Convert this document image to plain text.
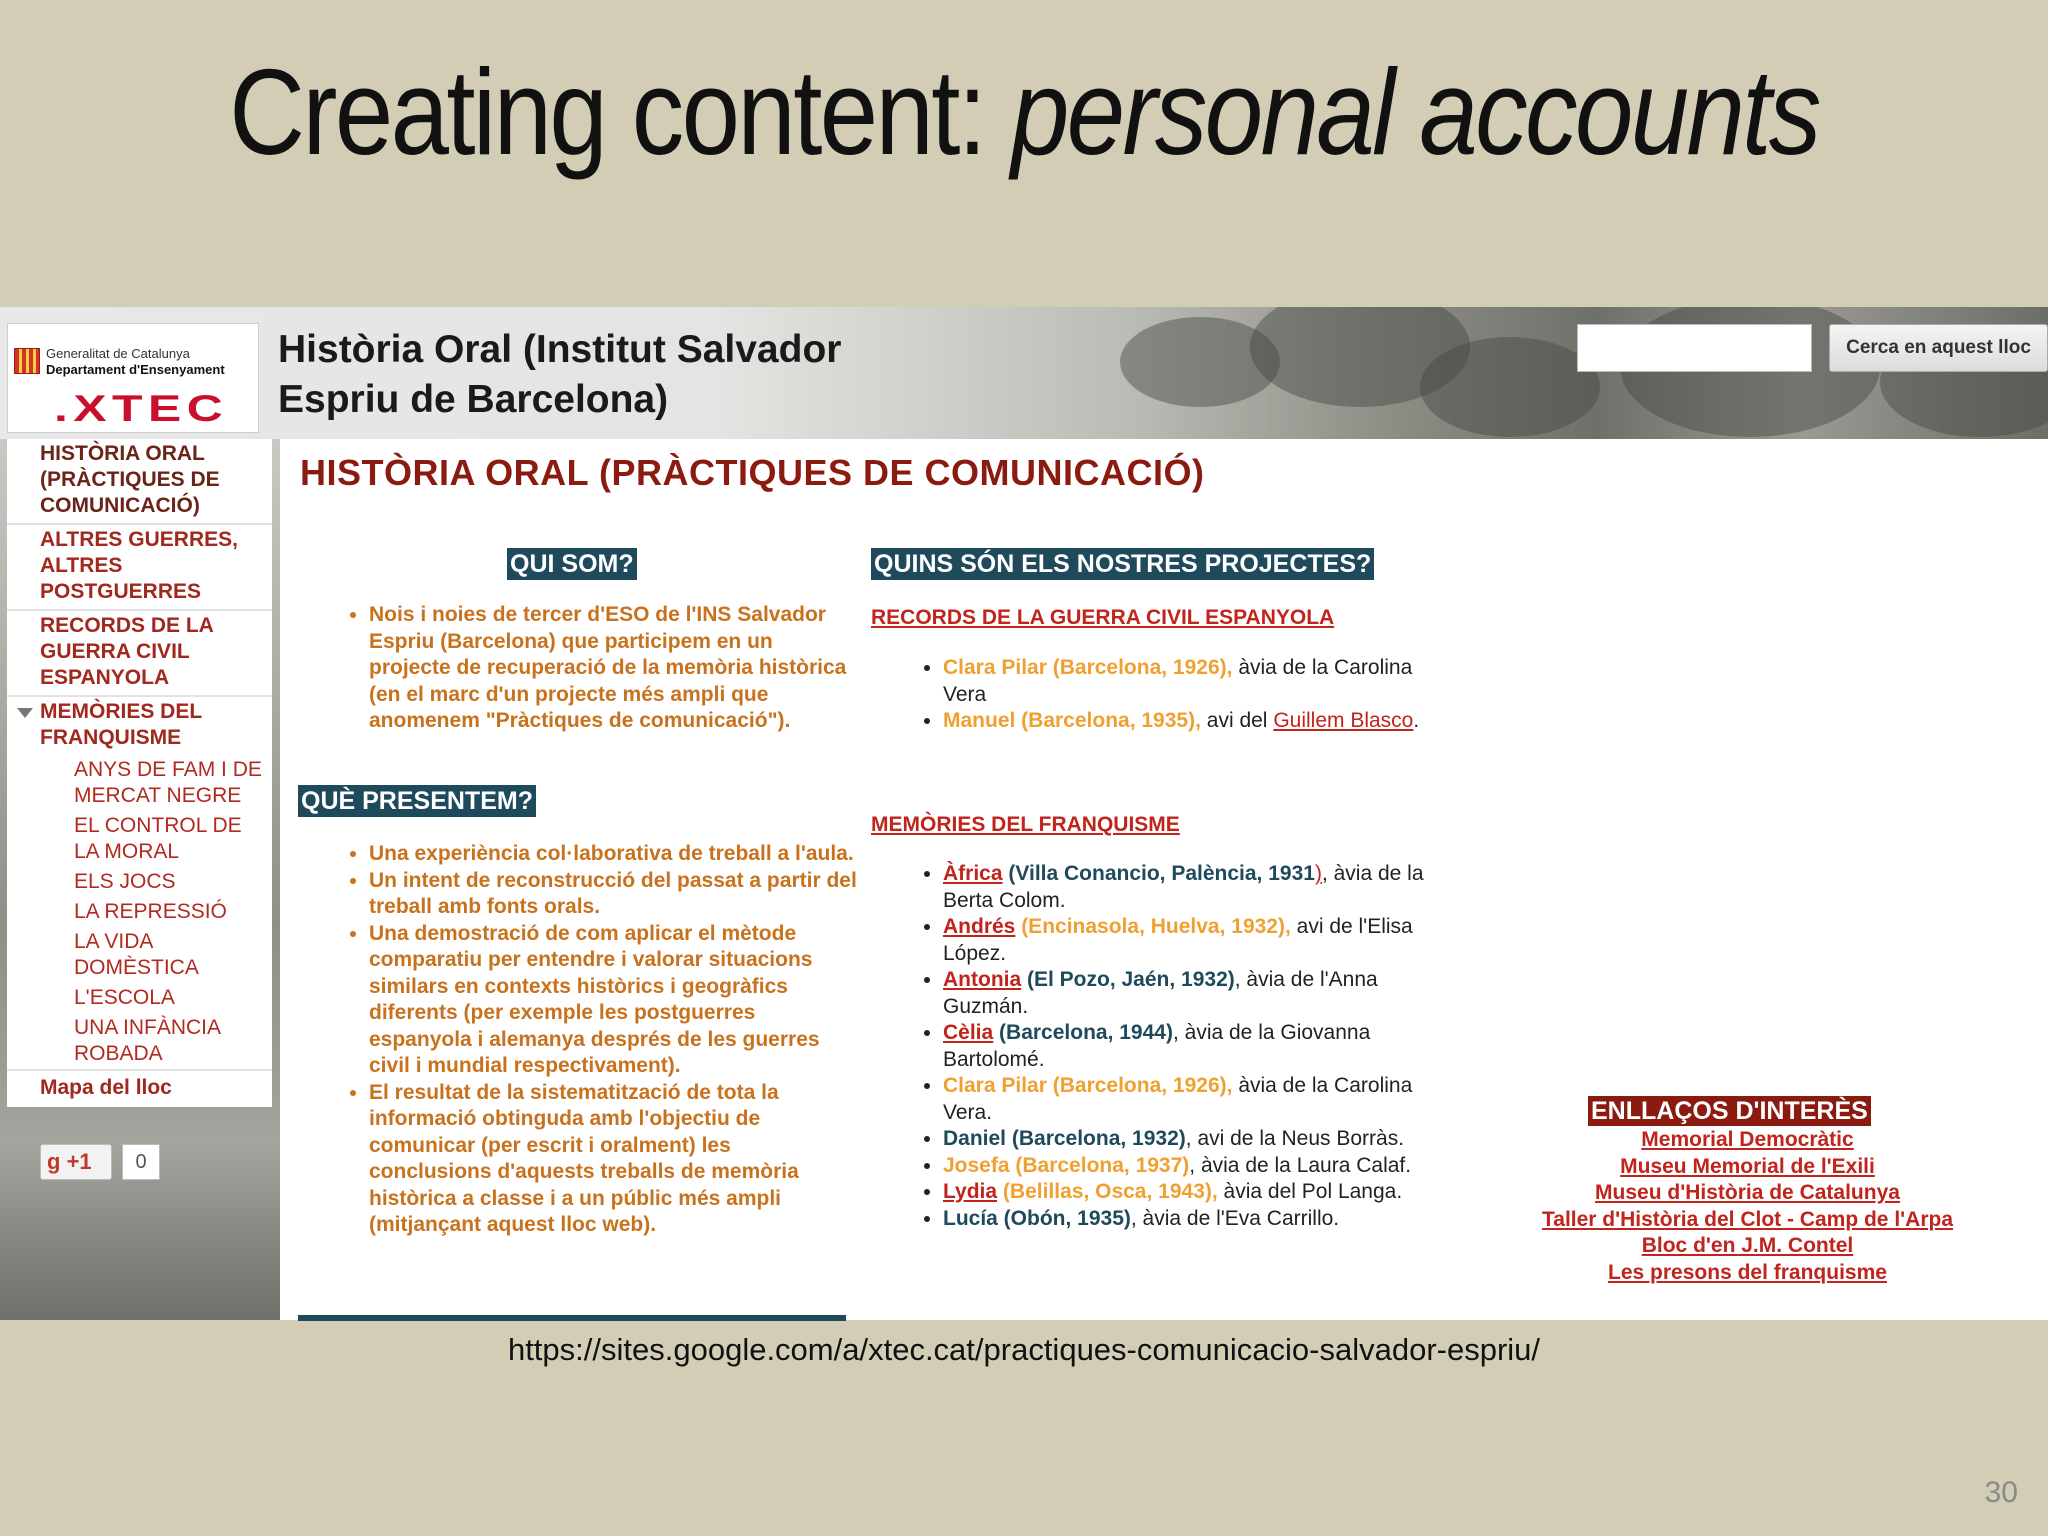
Creating content: personal accounts
Generalitat de Catalunya
Departament d'Ensenyament
.XTEC
Història Oral (Institut Salvador
Espriu de Barcelona)
Cerca en aquest lloc
HISTÒRIA ORAL
(PRÀCTIQUES DE
COMUNICACIÓ)
ALTRES GUERRES,
ALTRES
POSTGUERRES
RECORDS DE LA
GUERRA CIVIL
ESPANYOLA
MEMÒRIES DEL
FRANQUISME
ANYS DE FAM I DE
MERCAT NEGRE
EL CONTROL DE
LA MORAL
ELS JOCS
LA REPRESSIÓ
LA VIDA
DOMÈSTICA
L'ESCOLA
UNA INFÀNCIA
ROBADA
Mapa del lloc
g +1	0
HISTÒRIA ORAL (PRÀCTIQUES DE COMUNICACIÓ)
QUI SOM?
• Nois i noies de tercer d'ESO de l'INS Salvador Espriu (Barcelona) que participem en un projecte de recuperació de la memòria històrica (en el marc d'un projecte més ampli que anomenem "Pràctiques de comunicació").
QUÈ PRESENTEM?
• Una experiència col·laborativa de treball a l'aula.
• Un intent de reconstrucció del passat a partir del treball amb fonts orals.
• Una demostració de com aplicar el mètode comparatiu per entendre i valorar situacions similars en contexts històrics i geogràfics diferents (per exemple les postguerres espanyola i alemanya després de les guerres civil i mundial respectivament).
• El resultat de la sistematització de tota la informació obtinguda amb l'objectiu de comunicar (per escrit i oralment) les conclusions d'aquests treballs de memòria històrica a classe i a un públic més ampli (mitjançant aquest lloc web).
QUINS SÓN ELS NOSTRES PROJECTES?
RECORDS DE LA GUERRA CIVIL ESPANYOLA
• Clara Pilar (Barcelona, 1926), àvia de la Carolina Vera
• Manuel (Barcelona, 1935), avi del Guillem Blasco.
MEMÒRIES DEL FRANQUISME
• Àfrica (Villa Conancio, Palència, 1931), àvia de la Berta Colom.
• Andrés (Encinasola, Huelva, 1932), avi de l'Elisa López.
• Antonia (El Pozo, Jaén, 1932), àvia de l'Anna Guzmán.
• Cèlia (Barcelona, 1944), àvia de la Giovanna Bartolomé.
• Clara Pilar (Barcelona, 1926), àvia de la Carolina Vera.
• Daniel (Barcelona, 1932), avi de la Neus Borràs.
• Josefa (Barcelona, 1937), àvia de la Laura Calaf.
• Lydia (Belillas, Osca, 1943), àvia del Pol Langa.
• Lucía (Obón, 1935), àvia de l'Eva Carrillo.
ENLLAÇOS D'INTERÈS
Memorial Democràtic
Museu Memorial de l'Exili
Museu d'Història de Catalunya
Taller d'Història del Clot - Camp de l'Arpa
Bloc d'en J.M. Contel
Les presons del franquisme
https://sites.google.com/a/xtec.cat/practiques-comunicacio-salvador-espriu/
30
